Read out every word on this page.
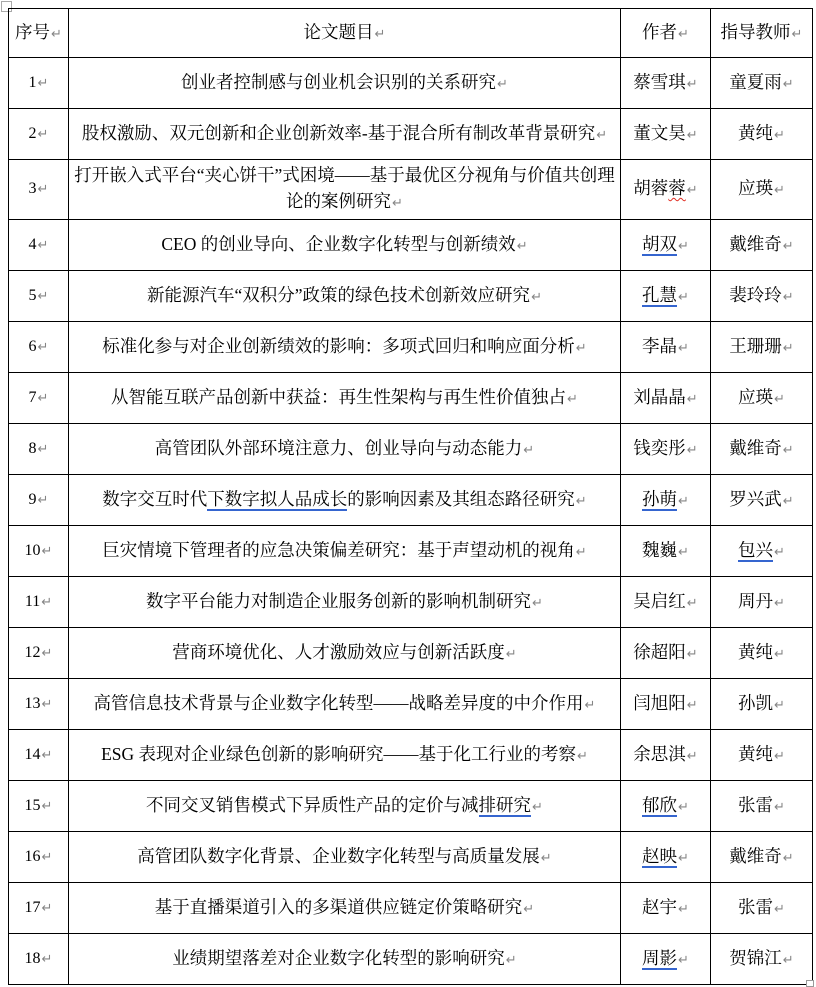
序号↵	论文题目↵	作者↵	指导教师↵
1↵	创业者控制感与创业机会识别的关系研究↵	蔡雪琪↵	童夏雨↵
2↵	股权激励、双元创新和企业创新效率-基于混合所有制改革背景研究↵	董文昊↵	黄纯↵
3↵	打开嵌入式平台“夹心饼干”式困境——基于最优区分视角与价值共创理论的案例研究↵	胡蓉蓉↵	应瑛↵
4↵	CEO 的创业导向、企业数字化转型与创新绩效↵	胡双↵	戴维奇↵
5↵	新能源汽车“双积分”政策的绿色技术创新效应研究↵	孔慧↵	裴玲玲↵
6↵	标准化参与对企业创新绩效的影响：多项式回归和响应面分析↵	李晶↵	王珊珊↵
7↵	从智能互联产品创新中获益：再生性架构与再生性价值独占↵	刘晶晶↵	应瑛↵
8↵	高管团队外部环境注意力、创业导向与动态能力↵	钱奕彤↵	戴维奇↵
9↵	数字交互时代下数字拟人品成长的影响因素及其组态路径研究↵	孙萌↵	罗兴武↵
10↵	巨灾情境下管理者的应急决策偏差研究：基于声望动机的视角↵	魏巍↵	包兴↵
11↵	数字平台能力对制造企业服务创新的影响机制研究↵	吴启红↵	周丹↵
12↵	营商环境优化、人才激励效应与创新活跃度↵	徐超阳↵	黄纯↵
13↵	高管信息技术背景与企业数字化转型——战略差异度的中介作用↵	闫旭阳↵	孙凯↵
14↵	ESG 表现对企业绿色创新的影响研究——基于化工行业的考察↵	余思淇↵	黄纯↵
15↵	不同交叉销售模式下异质性产品的定价与减排研究↵	郁欣↵	张雷↵
16↵	高管团队数字化背景、企业数字化转型与高质量发展↵	赵映↵	戴维奇↵
17↵	基于直播渠道引入的多渠道供应链定价策略研究↵	赵宇↵	张雷↵
18↵	业绩期望落差对企业数字化转型的影响研究↵	周影↵	贺锦江↵
